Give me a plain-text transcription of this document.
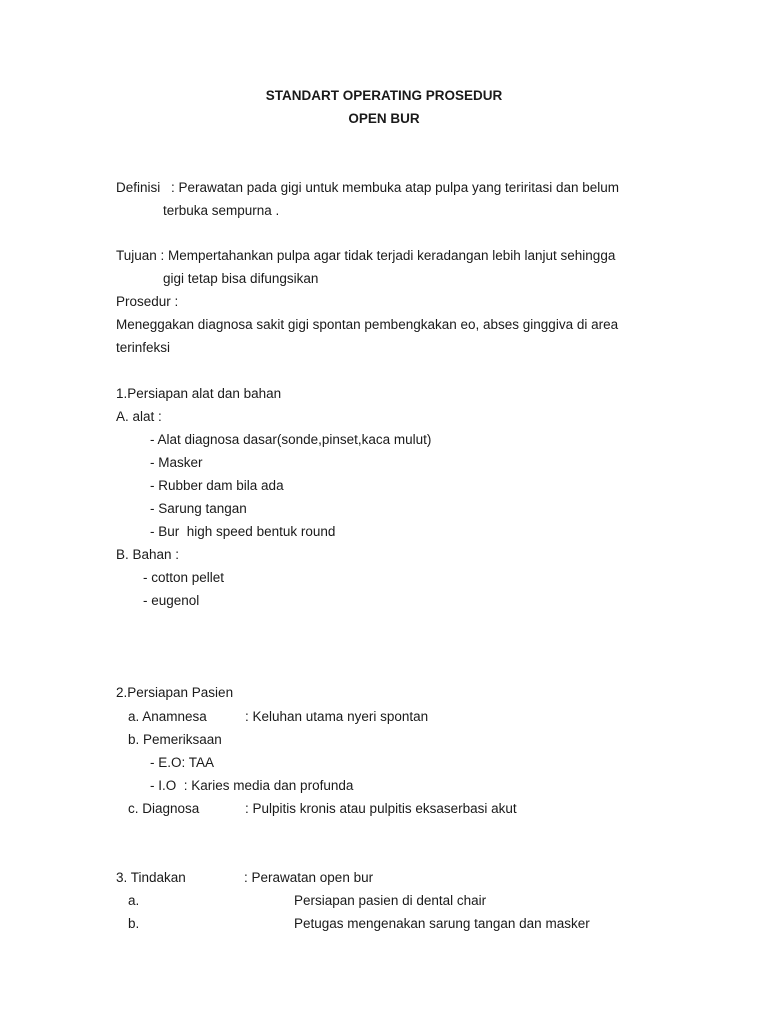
STANDART OPERATING PROSEDUR
OPEN BUR
Definisi : Perawatan pada gigi untuk membuka atap pulpa yang teriritasi dan belum
terbuka sempurna .
Tujuan : Mempertahankan pulpa agar tidak terjadi keradangan lebih lanjut sehingga
gigi tetap bisa difungsikan
Prosedur :
Meneggakan diagnosa sakit gigi spontan pembengkakan eo, abses ginggiva di area
terinfeksi
1.Persiapan alat dan bahan
A. alat :
- Alat diagnosa dasar(sonde,pinset,kaca mulut)
- Masker
- Rubber dam bila ada
- Sarung tangan
- Bur  high speed bentuk round
B. Bahan :
- cotton pellet
- eugenol
2.Persiapan Pasien
a. Anamnesa	: Keluhan utama nyeri spontan
b. Pemeriksaan
- E.O: TAA
- I.O  : Karies media dan profunda
c. Diagnosa	: Pulpitis kronis atau pulpitis eksaserbasi akut
3. Tindakan	: Perawatan open bur
a.	Persiapan pasien di dental chair
b.	Petugas mengenakan sarung tangan dan masker
